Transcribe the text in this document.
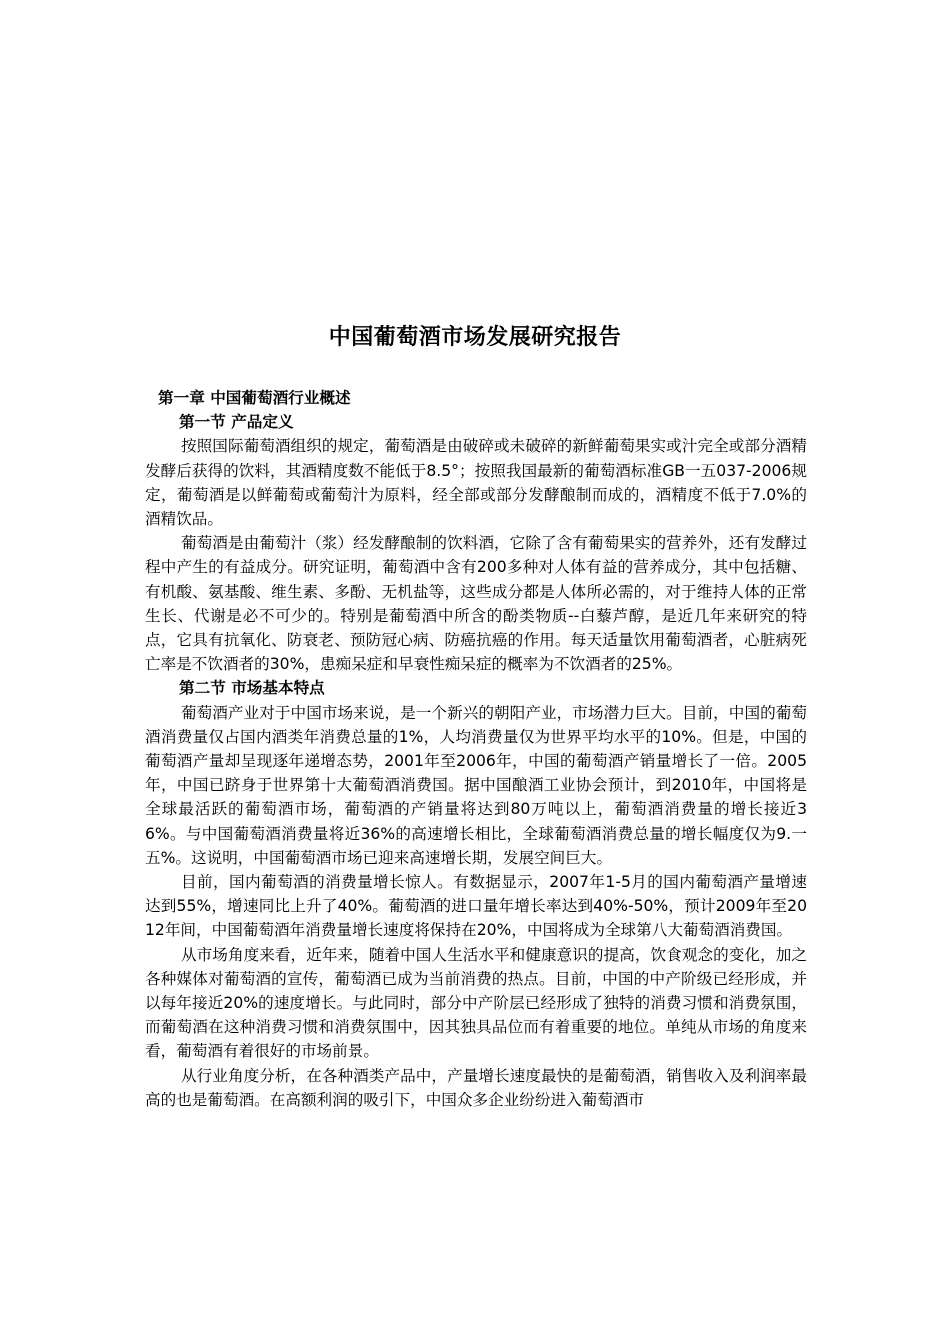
中国葡萄酒市场发展研究报告

第一章 中国葡萄酒行业概述

第一节 产品定义

按照国际葡萄酒组织的规定，葡萄酒是由破碎或未破碎的新鲜葡萄果实或汁完全或部分酒精发酵后获得的饮料，其酒精度数不能低于8.5°；按照我国最新的葡萄酒标准GB一五037-2006规定，葡萄酒是以鲜葡萄或葡萄汁为原料，经全部或部分发酵酿制而成的，酒精度不低于7.0%的酒精饮品。

葡萄酒是由葡萄汁（浆）经发酵酿制的饮料酒，它除了含有葡萄果实的营养外，还有发酵过程中产生的有益成分。研究证明，葡萄酒中含有200多种对人体有益的营养成分，其中包括糖、有机酸、氨基酸、维生素、多酚、无机盐等，这些成分都是人体所必需的，对于维持人体的正常生长、代谢是必不可少的。特别是葡萄酒中所含的酚类物质--白藜芦醇，是近几年来研究的特点，它具有抗氧化、防衰老、预防冠心病、防癌抗癌的作用。每天适量饮用葡萄酒者，心脏病死亡率是不饮酒者的30%，患痴呆症和早衰性痴呆症的概率为不饮酒者的25%。

第二节 市场基本特点

葡萄酒产业对于中国市场来说，是一个新兴的朝阳产业，市场潜力巨大。目前，中国的葡萄酒消费量仅占国内酒类年消费总量的1%，人均消费量仅为世界平均水平的10%。但是，中国的葡萄酒产量却呈现逐年递增态势，2001年至2006年，中国的葡萄酒产销量增长了一倍。2005年，中国已跻身于世界第十大葡萄酒消费国。据中国酿酒工业协会预计，到2010年，中国将是全球最活跃的葡萄酒市场，葡萄酒的产销量将达到80万吨以上，葡萄酒消费量的增长接近36%。与中国葡萄酒消费量将近36%的高速增长相比，全球葡萄酒消费总量的增长幅度仅为9.一五%。这说明，中国葡萄酒市场已迎来高速增长期，发展空间巨大。

目前，国内葡萄酒的消费量增长惊人。有数据显示，2007年1-5月的国内葡萄酒产量增速达到55%，增速同比上升了40%。葡萄酒的进口量年增长率达到40%-50%，预计2009年至2012年间，中国葡萄酒年消费量增长速度将保持在20%，中国将成为全球第八大葡萄酒消费国。

从市场角度来看，近年来，随着中国人生活水平和健康意识的提高，饮食观念的变化，加之各种媒体对葡萄酒的宣传，葡萄酒已成为当前消费的热点。目前，中国的中产阶级已经形成，并以每年接近20%的速度增长。与此同时，部分中产阶层已经形成了独特的消费习惯和消费氛围，而葡萄酒在这种消费习惯和消费氛围中，因其独具品位而有着重要的地位。单纯从市场的角度来看，葡萄酒有着很好的市场前景。

从行业角度分析，在各种酒类产品中，产量增长速度最快的是葡萄酒，销售收入及利润率最高的也是葡萄酒。在高额利润的吸引下，中国众多企业纷纷进入葡萄酒市
